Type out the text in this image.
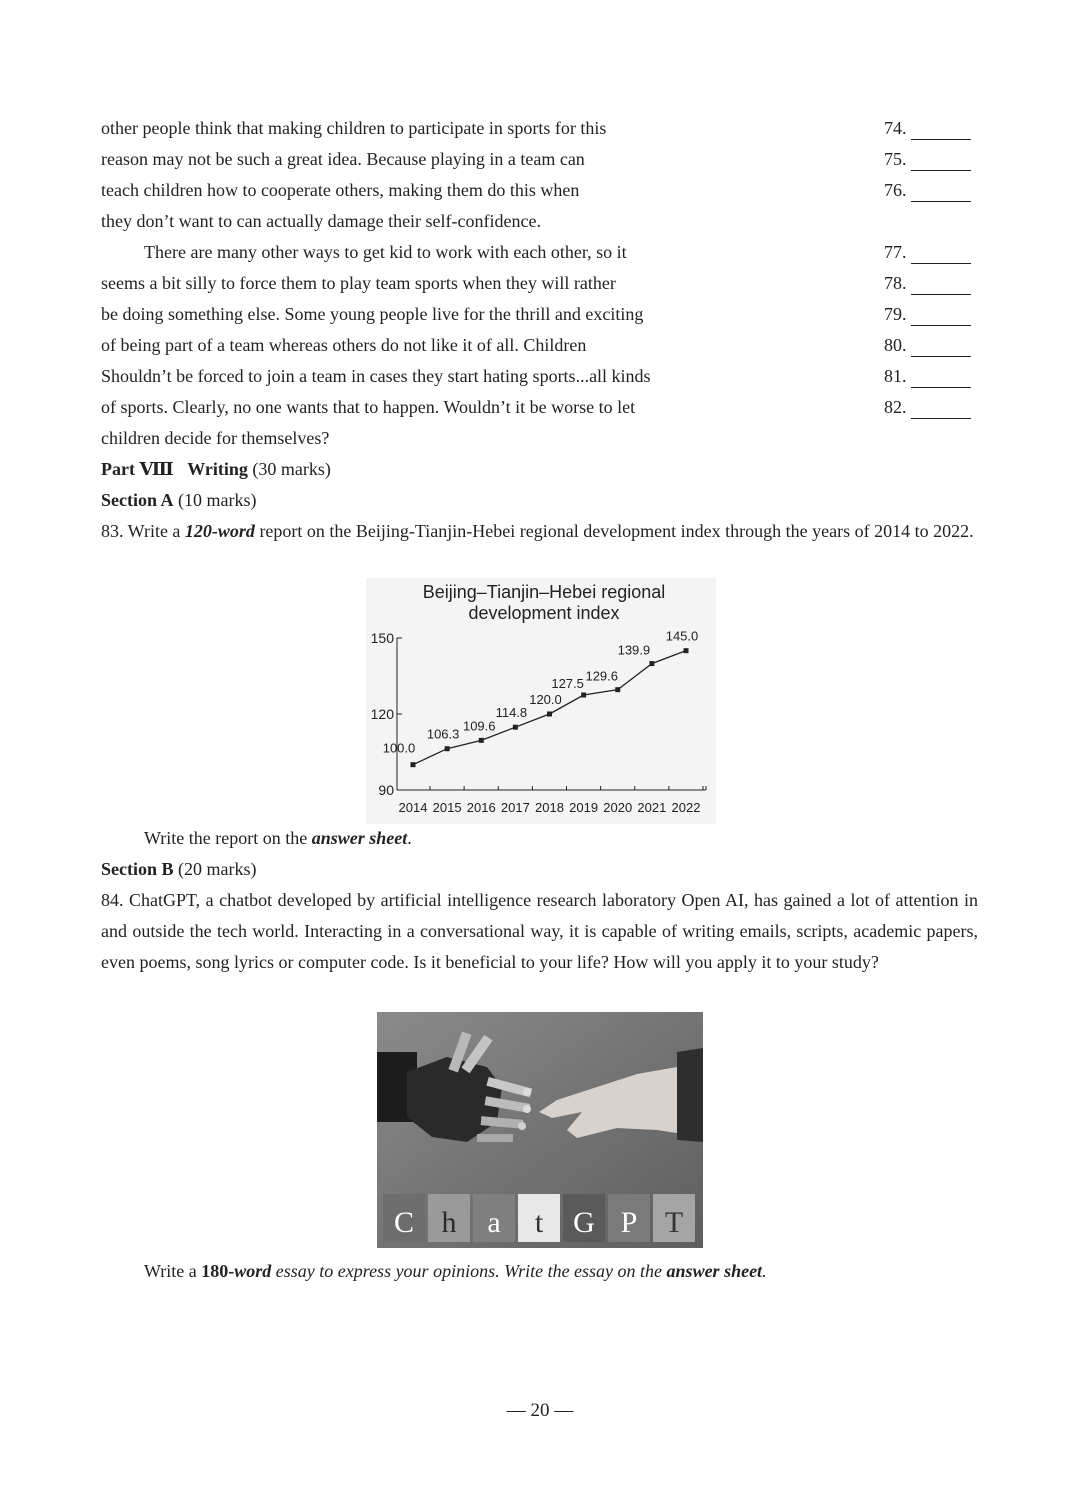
other people think that making children to participate in sports for this
reason may not be such a great idea. Because playing in a team can
teach children how to cooperate others, making them do this when
they don’t want to can actually damage their self-confidence.
There are many other ways to get kid to work with each other, so it
seems a bit silly to force them to play team sports when they will rather
be doing something else. Some young people live for the thrill and exciting
of being part of a team whereas others do not like it of all. Children
Shouldn’t be forced to join a team in cases they start hating sports...all kinds
of sports. Clearly, no one wants that to happen. Wouldn’t it be worse to let
children decide for themselves?
74.
75.
76.
77.
78.
79.
80.
81.
82.
Part Ⅷ Writing (30 marks)
Section A (10 marks)
83. Write a 120-word report on the Beijing-Tianjin-Hebei regional development index through the years of 2014 to 2022.
Beijing–Tianjin–Hebei regional
development index
90
120
150
2014 2015 2016 2017 2018 2019 2020 2021 2022
100.0
106.3
109.6
114.8
120.0
127.5 129.6
139.9
145.0
Write the report on the answer sheet.
Section B (20 marks)
84. ChatGPT, a chatbot developed by artificial intelligence research laboratory Open AI, has gained a lot of attention in and outside the tech world. Interacting in a conversational way, it is capable of writing emails, scripts, academic papers, even poems, song lyrics or computer code. Is it beneficial to your life? How will you apply it to your study?
C h a t G P T
Write a 180-word essay to express your opinions. Write the essay on the answer sheet.
— 20 —
